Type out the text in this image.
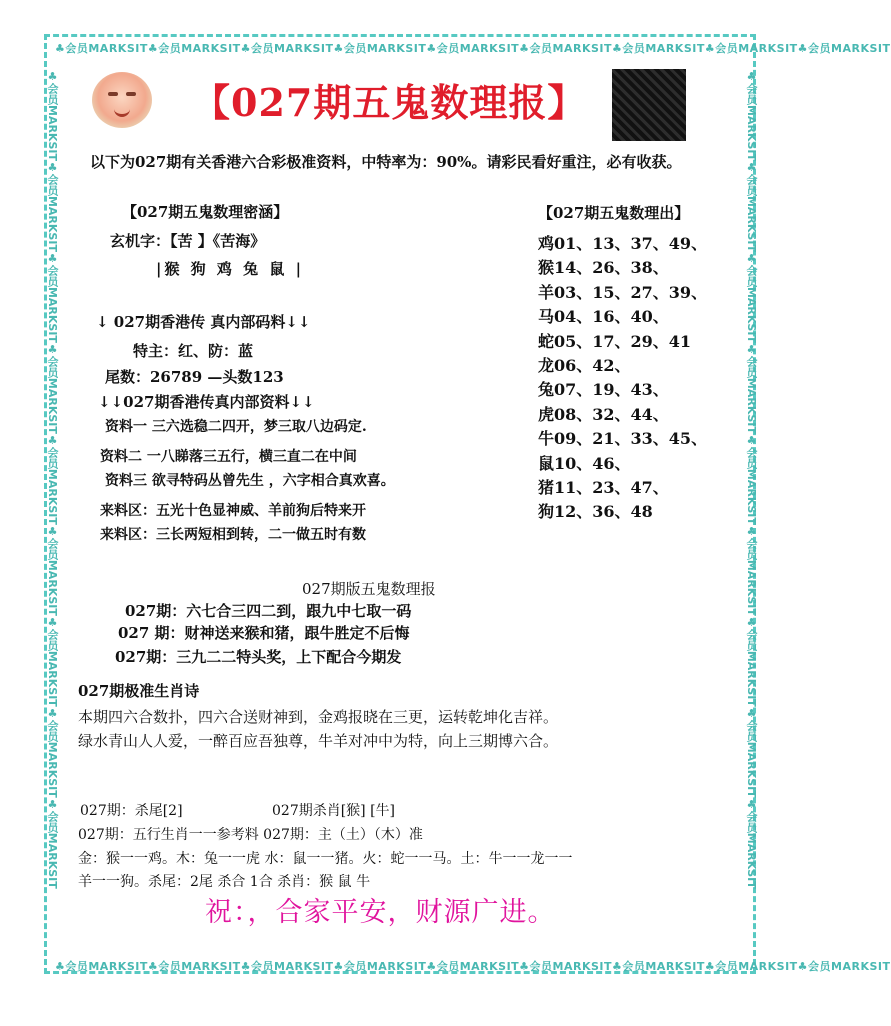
♣会员MARKSIT♣会员MARKSIT♣会员MARKSIT♣会员MARKSIT♣会员MARKSIT♣会员MARKSIT♣会员MARKSIT♣会员MARKSIT♣会员MARKSIT
♣会员MARKSIT♣会员MARKSIT♣会员MARKSIT♣会员MARKSIT♣会员MARKSIT♣会员MARKSIT♣会员MARKSIT♣会员MARKSIT♣会员MARKSIT
♣会员MARKSIT♣会员MARKSIT♣会员MARKSIT♣会员MARKSIT♣会员MARKSIT♣会员MARKSIT♣会员MARKSIT♣会员MARKSIT♣会员MARKSIT	♣会员MARKSIT♣会员MARKSIT♣会员MARKSIT♣会员MARKSIT♣会员MARKSIT♣会员MARKSIT♣会员MARKSIT♣会员MARKSIT♣会员MARKSIT
【027期五鬼数理报】
以下为027期有关香港六合彩极准资料，中特率为：90%。请彩民看好重注，必有收获。
【027期五鬼数理密涵】
玄机字：【苦 】《苦海》
|猴 狗 鸡 兔 鼠 |
↓ 027期香港传 真内部码料↓↓
特主：红、防：蓝
尾数：26789 —头数123
↓↓027期香港传真内部资料↓↓
资料一 三六选稳二四开，梦三取八边码定.
资料二 一八睇落三五行，横三直二在中间
资料三 欲寻特码丛曾先生 ，六字相合真欢喜。
来料区：五光十色显神威、羊前狗后特来开
来料区：三长两短相到转，二一做五时有数
【027期五鬼数理出】
鸡01、13、37、49、
猴14、26、38、
羊03、15、27、39、
马04、16、40、
蛇05、17、29、41
龙06、42、
兔07、19、43、
虎08、32、44、
牛09、21、33、45、
鼠10、46、
猪11、23、47、
狗12、36、48
027期版五鬼数理报
027期：六七合三四二到，跟九中七取一码
027 期：财神送来猴和猪，跟牛胜定不后悔
027期：三九二二特头奖，上下配合今期发
027期极准生肖诗
本期四六合数扑，四六合送财神到，金鸡报晓在三更，运转乾坤化吉祥。
绿水青山人人爱，一醉百应吾独尊，牛羊对冲中为特，向上三期博六合。
027期：杀尾[2]	027期杀肖[猴] [牛]
027期：五行生肖一一参考料 027期：主（土）（木）准
金：猴一一鸡。木：兔一一虎 水：鼠一一猪。火：蛇一一马。土：牛一一龙一一
羊一一狗。杀尾：2尾 杀合 1合 杀肖：猴 鼠 牛
祝：，合家平安，财源广进。
